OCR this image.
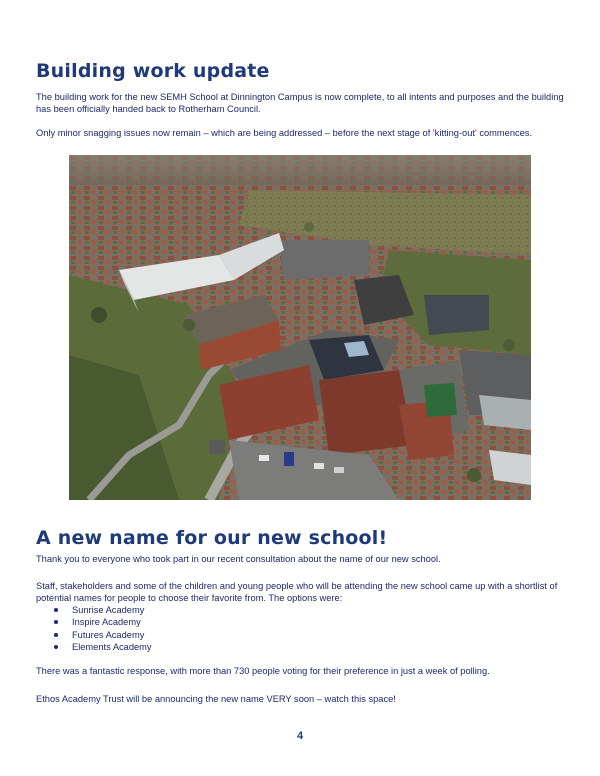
Building work update

The building work for the new SEMH School at Dinnington Campus is now complete, to all intents and purposes and the building has been officially handed back to Rotherham Council.

Only minor snagging issues now remain – which are being addressed – before the next stage of 'kitting-out' commences.

A new name for our new school!

Thank you to everyone who took part in our recent consultation about the name of our new school.

Staff, stakeholders and some of the children and young people who will be attending the new school came up with a shortlist of potential names for people to choose their favorite from. The options were:

Sunrise Academy
Inspire Academy
Futures Academy
Elements Academy

There was a fantastic response, with more than 730 people voting for their preference in just a week of polling.

Ethos Academy Trust will be announcing the new name VERY soon – watch this space!

4
